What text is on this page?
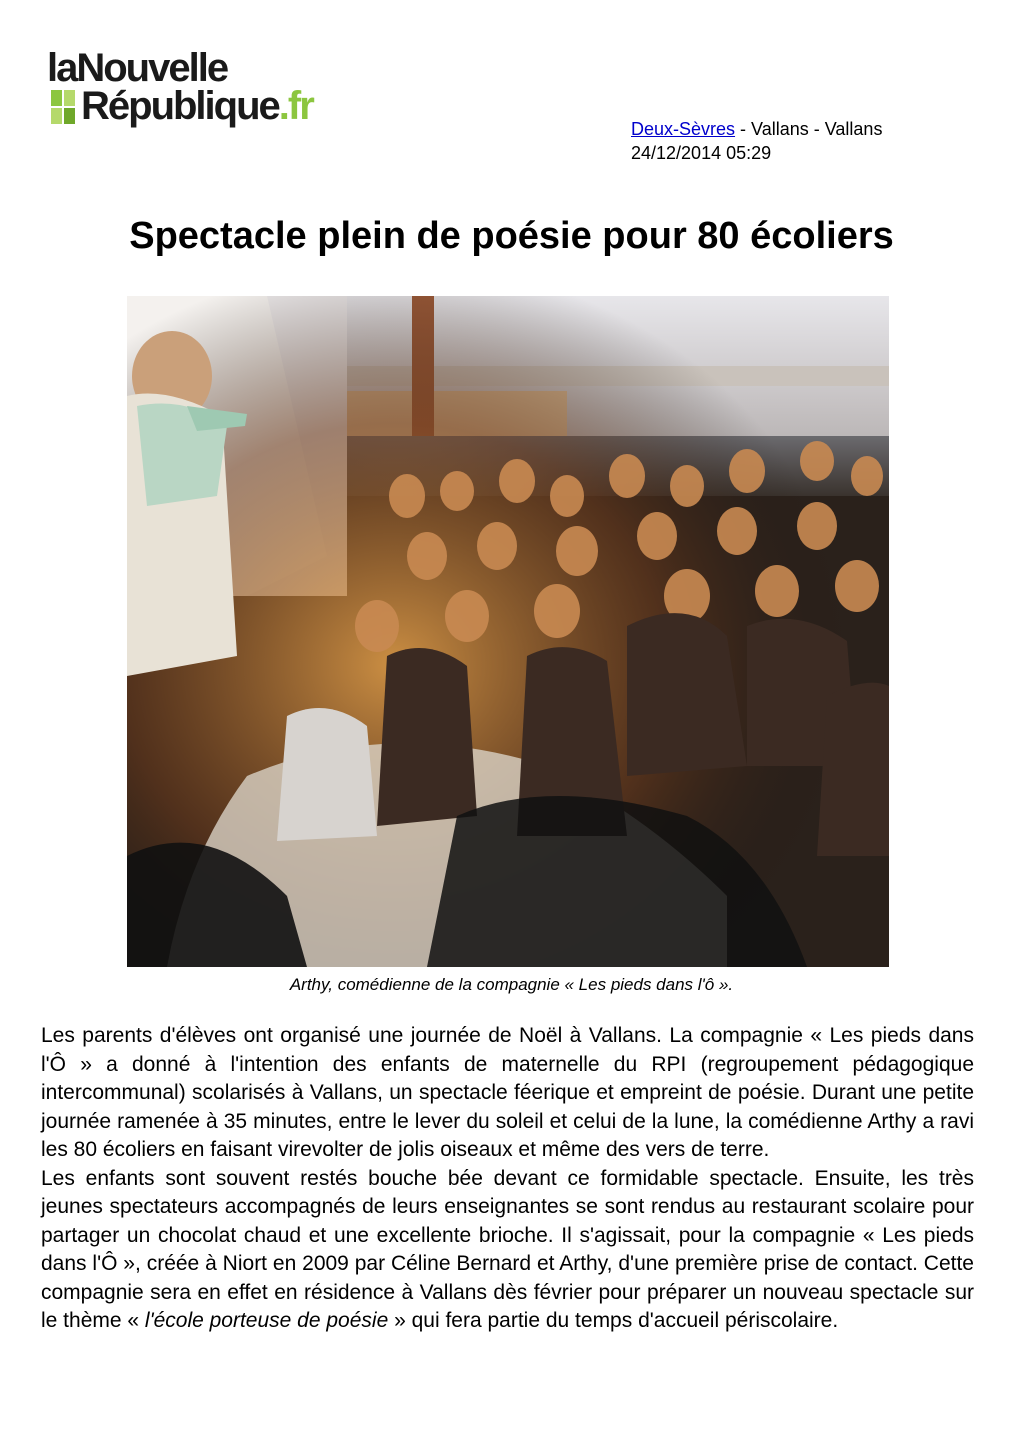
laNouvelle
République.fr
Deux-Sèvres - Vallans - Vallans
24/12/2014 05:29
Spectacle plein de poésie pour 80 écoliers
Arthy, comédienne de la compagnie « Les pieds dans l'ô ».

Les parents d'élèves ont organisé une journée de Noël à Vallans. La compagnie « Les pieds dans l'Ô » a donné à l'intention des enfants de maternelle du RPI (regroupement pédagogique intercommunal) scolarisés à Vallans, un spectacle féerique et empreint de poésie. Durant une petite journée ramenée à 35 minutes, entre le lever du soleil et celui de la lune, la comédienne Arthy a ravi les 80 écoliers en faisant virevolter de jolis oiseaux et même des vers de terre.

Les enfants sont souvent restés bouche bée devant ce formidable spectacle. Ensuite, les très jeunes spectateurs accompagnés de leurs enseignantes se sont rendus au restaurant scolaire pour partager un chocolat chaud et une excellente brioche. Il s'agissait, pour la compagnie « Les pieds dans l'Ô », créée à Niort en 2009 par Céline Bernard et Arthy, d'une première prise de contact. Cette compagnie sera en effet en résidence à Vallans dès février pour préparer un nouveau spectacle sur le thème « l'école porteuse de poésie » qui fera partie du temps d'accueil périscolaire.
